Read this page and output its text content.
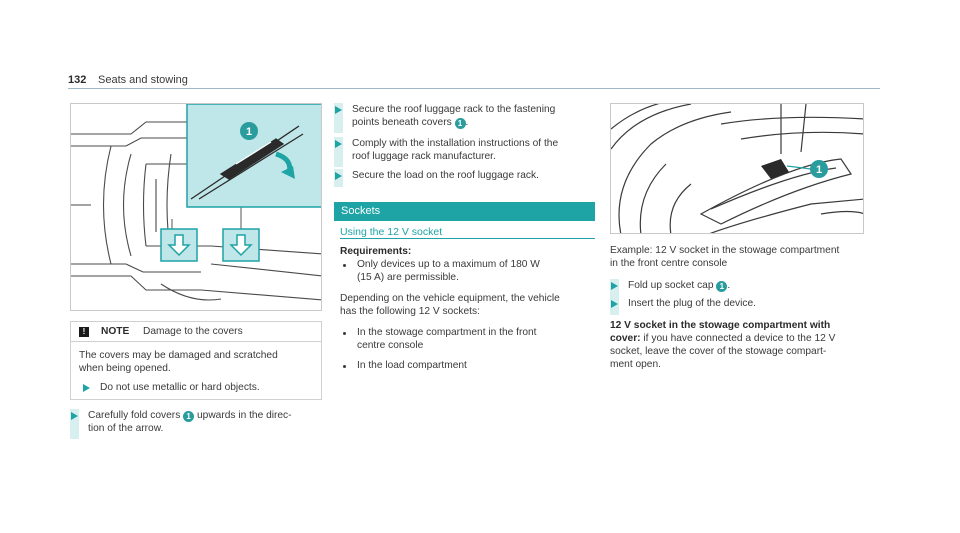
132 Seats and stowing
1
!	NOTE Damage to the covers
The covers may be damaged and scratched
when being opened.
Do not use metallic or hard objects.
Carefully fold covers 1 upwards in the direc-
tion of the arrow.
Secure the roof luggage rack to the fastening
points beneath covers 1 .
Comply with the installation instructions of the
roof luggage rack manufacturer.
Secure the load on the roof luggage rack.
Sockets
Using the 12 V socket
Requirements:
Only devices up to a maximum of 180 W
(15 A) are permissible.
Depending on the vehicle equipment, the vehicle
has the following 12 V sockets:
In the stowage compartment in the front
centre console
In the load compartment
1
Example: 12 V socket in the stowage compartment
in the front centre console
Fold up socket cap 1 .
Insert the plug of the device.
12 V socket in the stowage compartment with
cover: if you have connected a device to the 12 V
socket, leave the cover of the stowage compart-
ment open.
